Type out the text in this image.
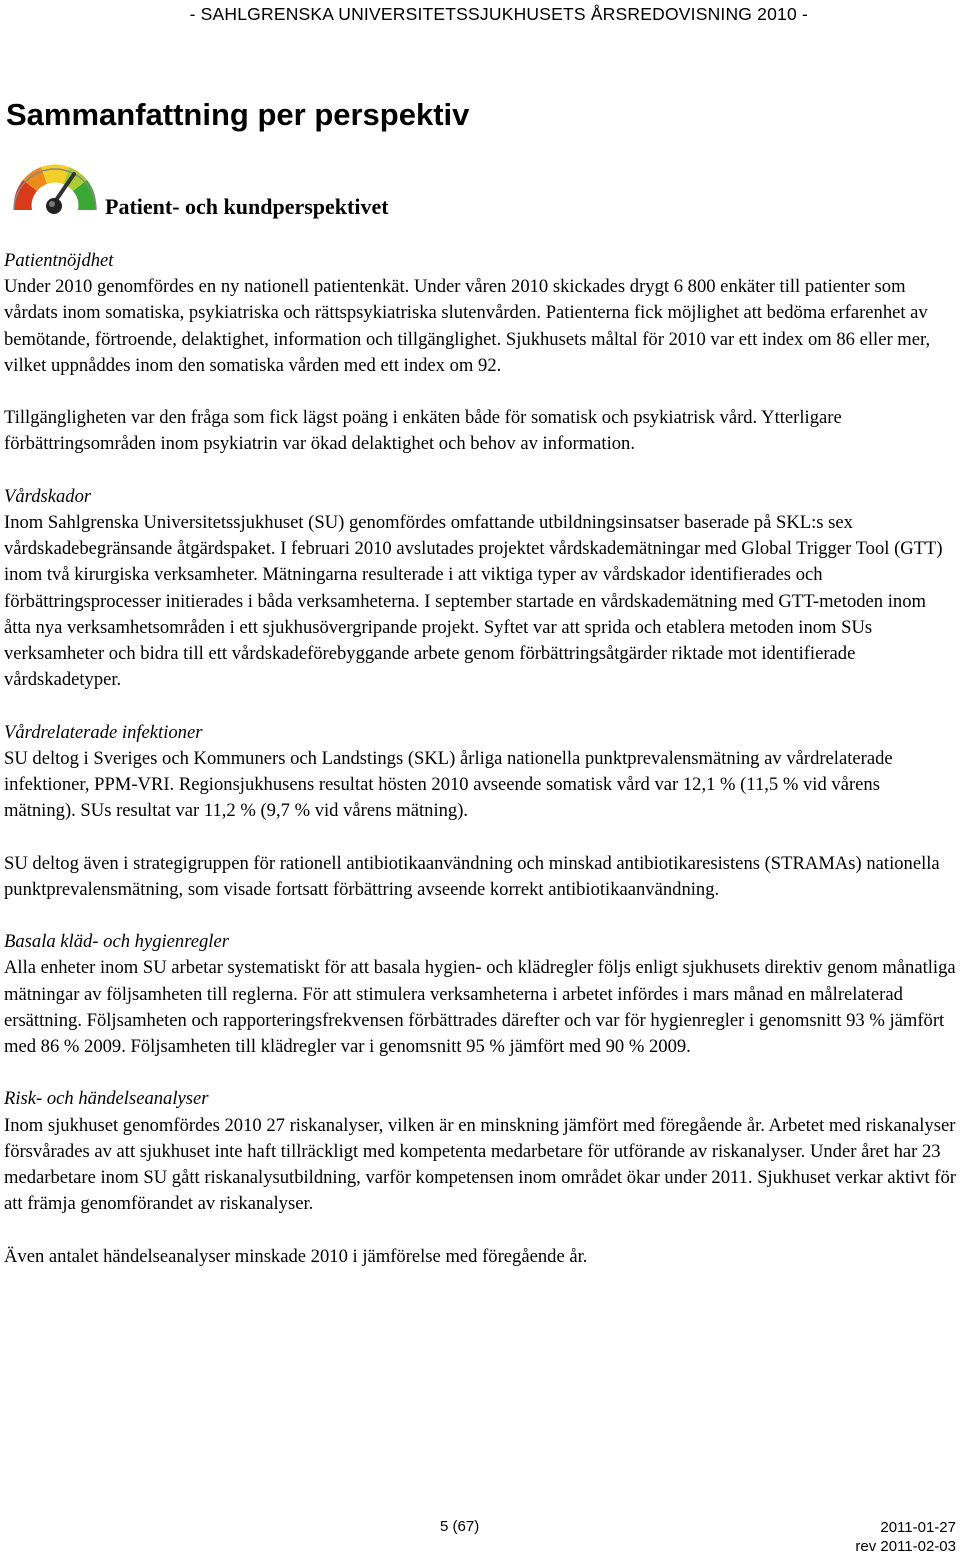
- SAHLGRENSKA UNIVERSITETSSJUKHUSETS ÅRSREDOVISNING 2010 -
Sammanfattning per perspektiv
Patient- och kundperspektivet

Patientnöjdhet
Under 2010 genomfördes en ny nationell patientenkät. Under våren 2010 skickades drygt 6 800 enkäter till patienter som vårdats inom somatiska, psykiatriska och rättspsykiatriska slutenvården. Patienterna fick möjlighet att bedöma erfarenhet av bemötande, förtroende, delaktighet, information och tillgänglighet. Sjukhusets måltal för 2010 var ett index om 86 eller mer, vilket uppnåddes inom den somatiska vården med ett index om 92.

Tillgängligheten var den fråga som fick lägst poäng i enkäten både för somatisk och psykiatrisk vård. Ytterligare förbättringsområden inom psykiatrin var ökad delaktighet och behov av information.

Vårdskador
Inom Sahlgrenska Universitetssjukhuset (SU) genomfördes omfattande utbildningsinsatser baserade på SKL:s sex vårdskadebegränsande åtgärdspaket. I februari 2010 avslutades projektet vårdskademätningar med Global Trigger Tool (GTT) inom två kirurgiska verksamheter. Mätningarna resulterade i att viktiga typer av vårdskador identifierades och förbättringsprocesser initierades i båda verksamheterna. I september startade en vårdskademätning med GTT-metoden inom åtta nya verksamhetsområden i ett sjukhusövergripande projekt. Syftet var att sprida och etablera metoden inom SUs verksamheter och bidra till ett vårdskadeförebyggande arbete genom förbättringsåtgärder riktade mot identifierade vårdskadetyper.

Vårdrelaterade infektioner
SU deltog i Sveriges och Kommuners och Landstings (SKL) årliga nationella punktprevalensmätning av vårdrelaterade infektioner, PPM-VRI. Regionsjukhusens resultat hösten 2010 avseende somatisk vård var 12,1 % (11,5 % vid vårens mätning). SUs resultat var 11,2 % (9,7 % vid vårens mätning).

SU deltog även i strategigruppen för rationell antibiotikaanvändning och minskad antibiotikaresistens (STRAMAs) nationella punktprevalensmätning, som visade fortsatt förbättring avseende korrekt antibiotikaanvändning.

Basala kläd- och hygienregler
Alla enheter inom SU arbetar systematiskt för att basala hygien- och klädregler följs enligt sjukhusets direktiv genom månatliga mätningar av följsamheten till reglerna. För att stimulera verksamheterna i arbetet infördes i mars månad en målrelaterad ersättning. Följsamheten och rapporteringsfrekvensen förbättrades därefter och var för hygienregler i genomsnitt 93 % jämfört med 86 % 2009. Följsamheten till klädregler var i genomsnitt 95 % jämfört med 90 % 2009.

Risk- och händelseanalyser
Inom sjukhuset genomfördes 2010 27 riskanalyser, vilken är en minskning jämfört med föregående år. Arbetet med riskanalyser försvårades av att sjukhuset inte haft tillräckligt med kompetenta medarbetare för utförande av riskanalyser. Under året har 23 medarbetare inom SU gått riskanalysutbildning, varför kompetensen inom området ökar under 2011. Sjukhuset verkar aktivt för att främja genomförandet av riskanalyser.

Även antalet händelseanalyser minskade 2010 i jämförelse med föregående år.

5 (67)	2011-01-27
rev 2011-02-03
